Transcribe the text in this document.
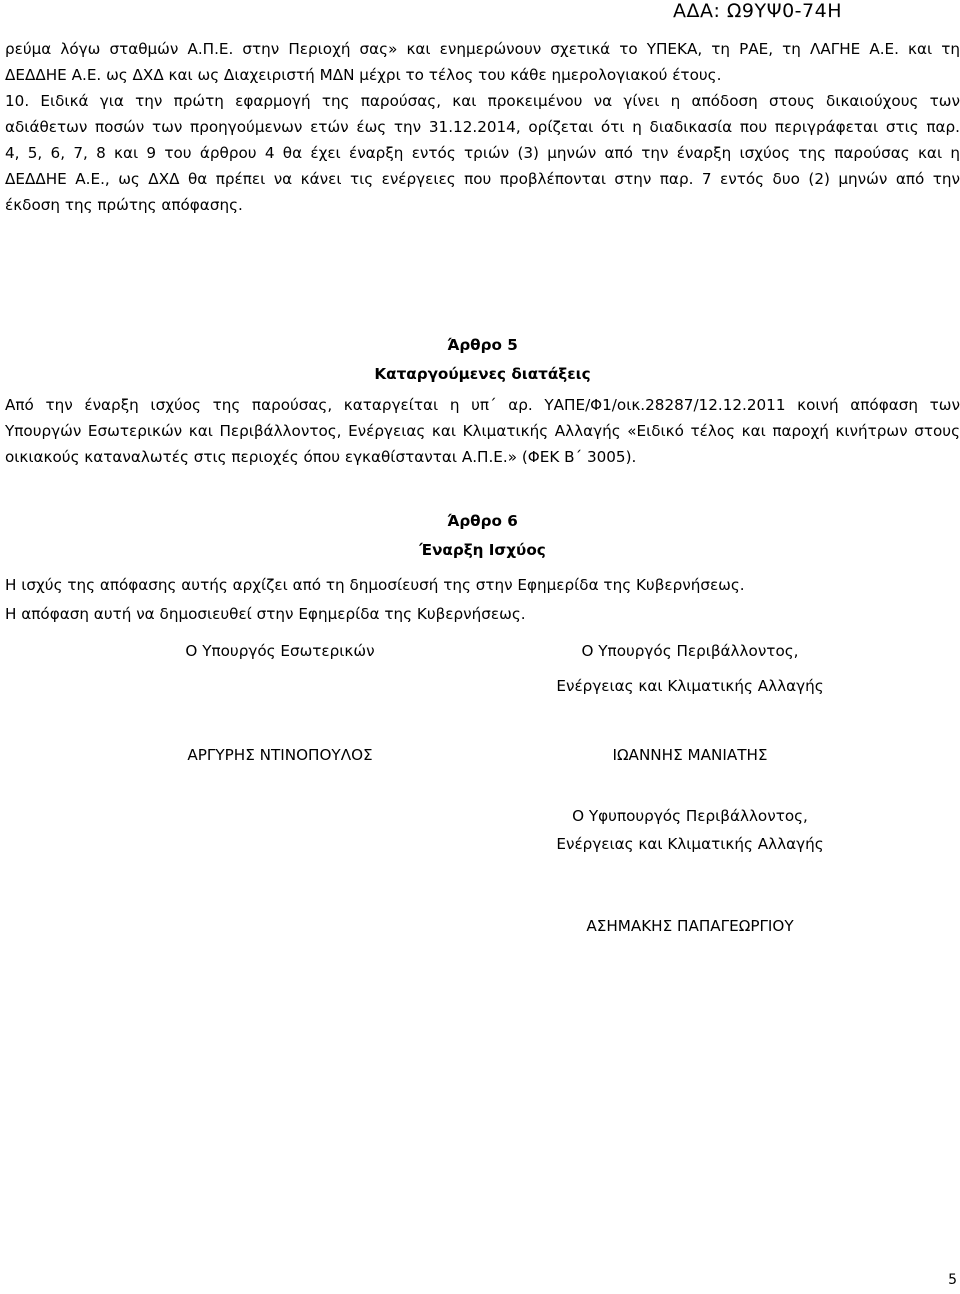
ΑΔΑ: Ω9ΥΨ0-74Η
ρεύμα λόγω σταθμών Α.Π.Ε. στην Περιοχή σας» και ενημερώνουν σχετικά το ΥΠΕΚΑ, τη ΡΑΕ, τη ΛΑΓΗΕ Α.Ε. και τη
ΔΕΔΔΗΕ Α.Ε. ως ΔΧΔ και ως Διαχειριστή ΜΔΝ μέχρι το τέλος του κάθε ημερολογιακού έτους.
10. Ειδικά για την πρώτη εφαρμογή της παρούσας, και προκειμένου να γίνει η απόδοση στους δικαιούχους των
αδιάθετων ποσών των προηγούμενων ετών έως την 31.12.2014, ορίζεται ότι η διαδικασία που περιγράφεται στις παρ.
4, 5, 6, 7, 8 και 9 του άρθρου 4 θα έχει έναρξη εντός τριών (3) μηνών από την έναρξη ισχύος της παρούσας και η
ΔΕΔΔΗΕ Α.Ε., ως ΔΧΔ θα πρέπει να κάνει τις ενέργειες που προβλέπονται στην παρ. 7 εντός δυο (2) μηνών από την
έκδοση της πρώτης απόφασης.
Άρθρο 5
Καταργούμενες διατάξεις
Από την έναρξη ισχύος της παρούσας, καταργείται η υπ΄ αρ. ΥΑΠΕ/Φ1/οικ.28287/12.12.2011 κοινή απόφαση των
Υπουργών Εσωτερικών και Περιβάλλοντος, Ενέργειας και Κλιματικής Αλλαγής «Ειδικό τέλος και παροχή κινήτρων στους
οικιακούς καταναλωτές στις περιοχές όπου εγκαθίστανται Α.Π.Ε.» (ΦΕΚ Β΄ 3005).
Άρθρο 6
Έναρξη Ισχύος
Η ισχύς της απόφασης αυτής αρχίζει από τη δημοσίευσή της στην Εφημερίδα της Κυβερνήσεως.
Η απόφαση αυτή να δημοσιευθεί στην Εφημερίδα της Κυβερνήσεως.
Ο Υπουργός Εσωτερικών
ΑΡΓΥΡΗΣ ΝΤΙΝΟΠΟΥΛΟΣ
Ο Υπουργός Περιβάλλοντος,
Ενέργειας και Κλιματικής Αλλαγής
ΙΩΑΝΝΗΣ ΜΑΝΙΑΤΗΣ
Ο Υφυπουργός Περιβάλλοντος,
Ενέργειας και Κλιματικής Αλλαγής
ΑΣΗΜΑΚΗΣ ΠΑΠΑΓΕΩΡΓΙΟΥ
5
